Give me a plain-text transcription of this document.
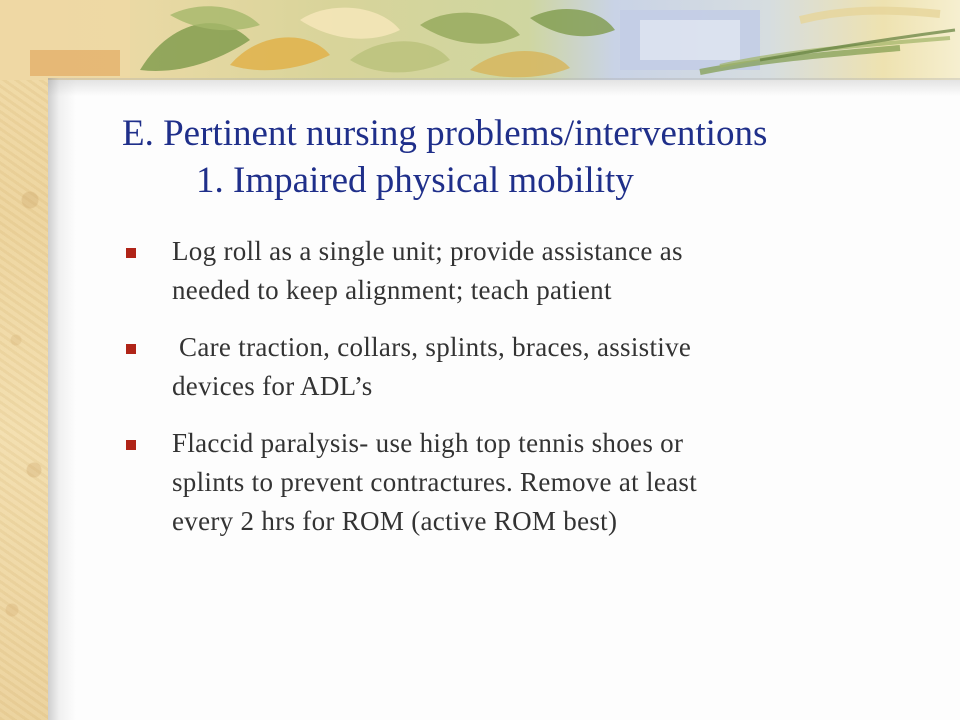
E. Pertinent nursing problems/interventions
1. Impaired physical mobility
Log roll as a single unit; provide assistance as
needed to keep alignment; teach patient
Care traction, collars, splints, braces, assistive
devices for ADL’s
Flaccid paralysis- use high top tennis shoes or
splints to prevent contractures. Remove at least
every 2 hrs for ROM (active ROM best)
